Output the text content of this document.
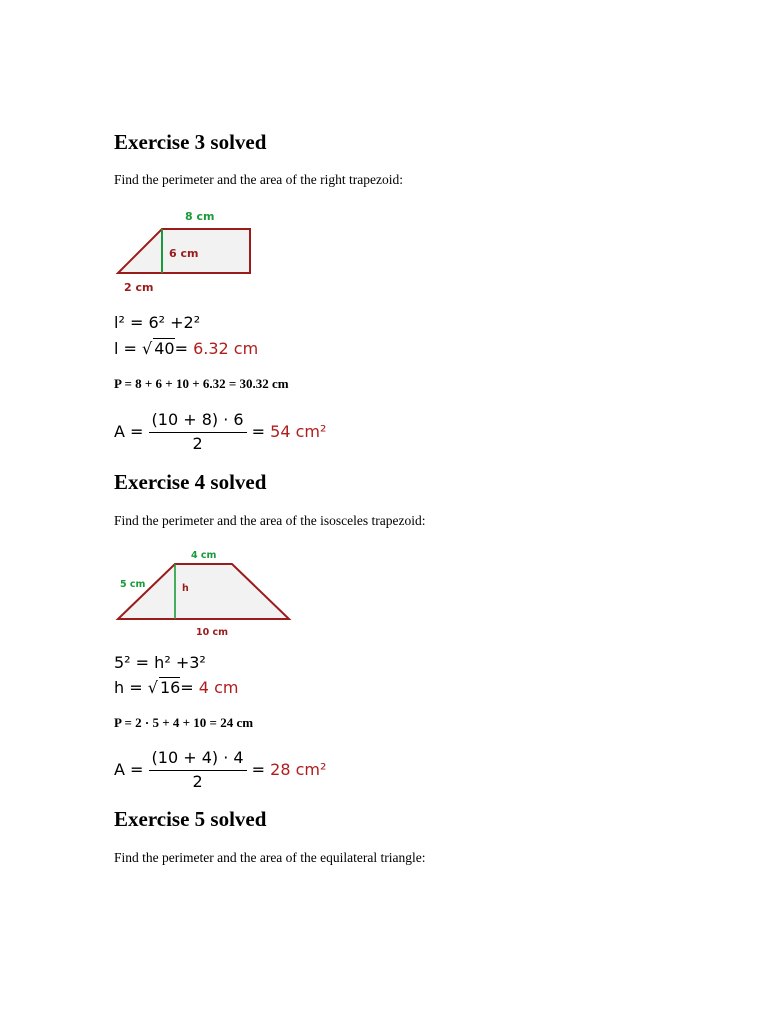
Exercise 3 solved

Find the perimeter and the area of the right trapezoid:

8 cm
6 cm
2 cm
l² = 6² +2²
l = √ 40= 6.32 cm

P = 8 + 6 + 10 + 6.32 = 30.32 cm

$A = \frac{(10 + 8) \cdot 6}{2} = 54$ cm²
Exercise 4 solved

Find the perimeter and the area of the isosceles trapezoid:

4 cm
5 cm	h
10 cm
5² = h² +3²
h = √ 16= 4 cm

P = 2 · 5 + 4 + 10 = 24 cm

$A = \frac{(10 + 4) \cdot 4}{2} = 28$ cm²
Exercise 5 solved

Find the perimeter and the area of the equilateral triangle:
